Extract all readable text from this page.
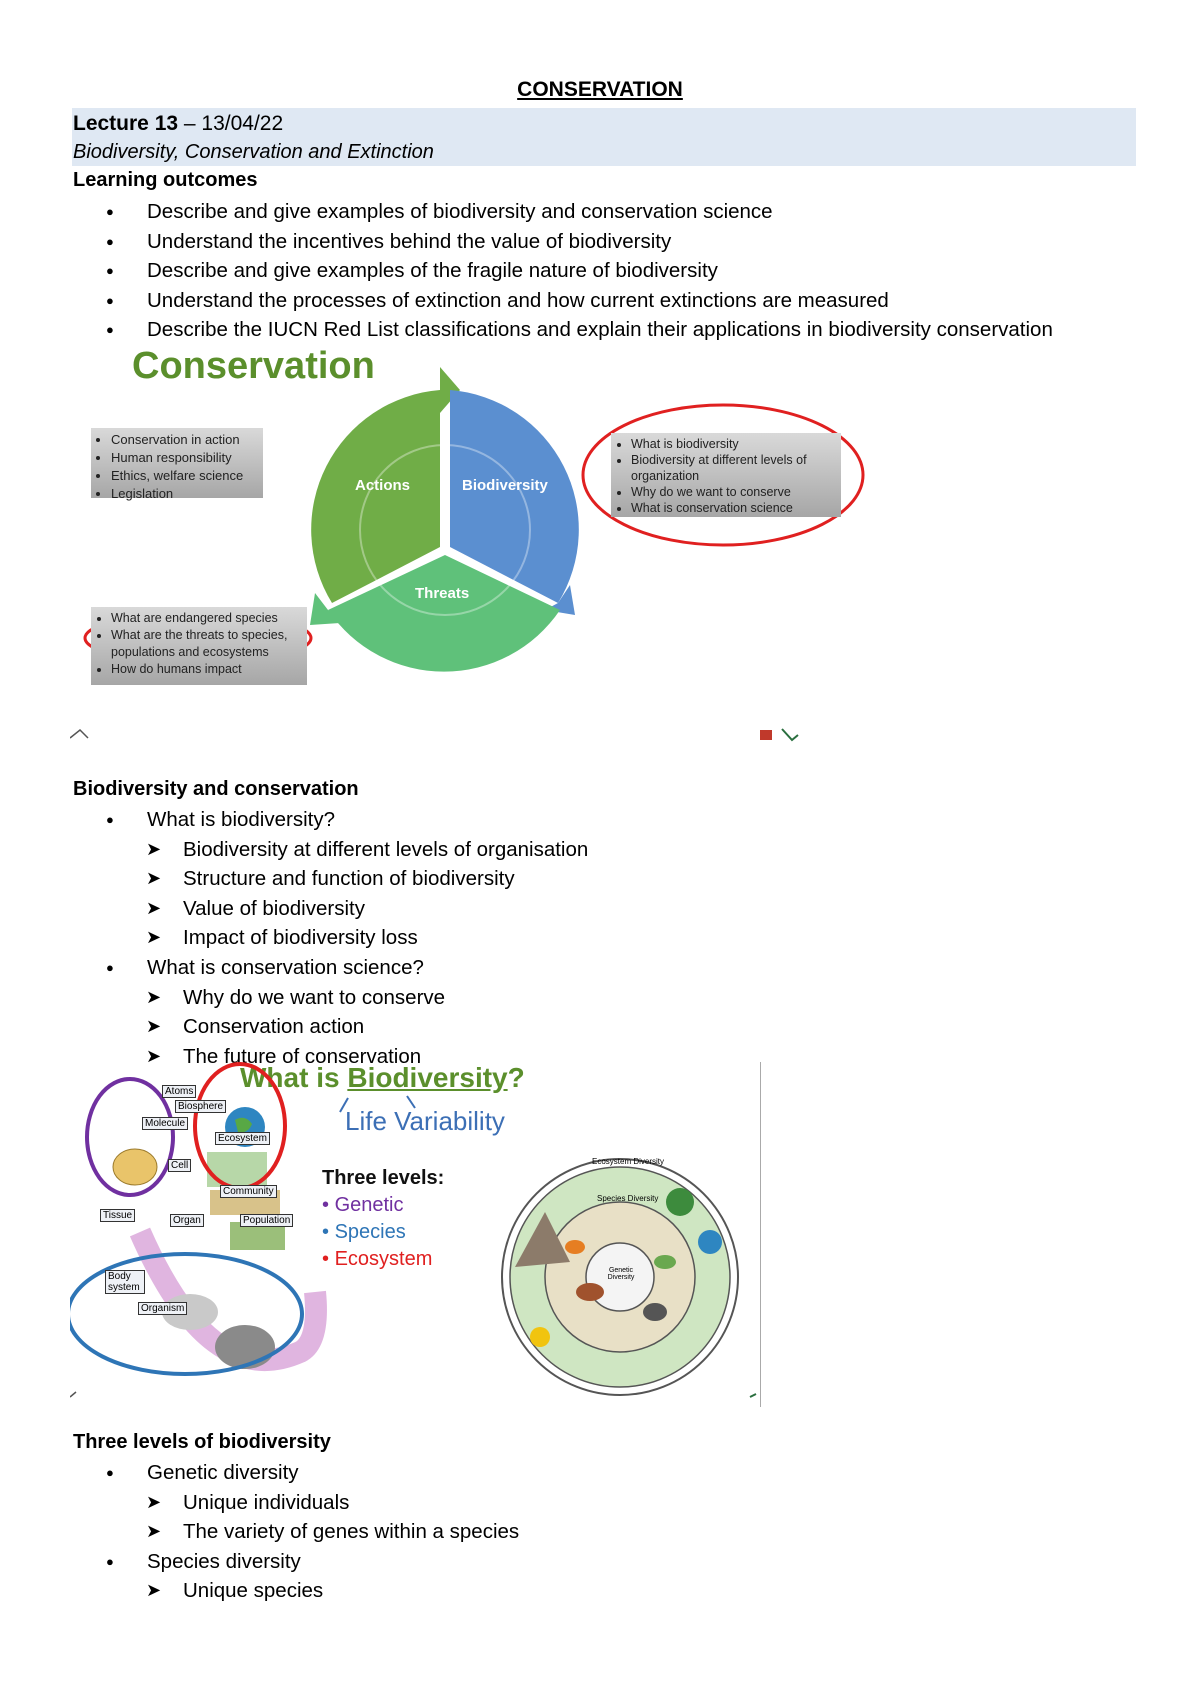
CONSERVATION
Lecture 13 – 13/04/22
Biodiversity, Conservation and Extinction
Learning outcomes
● Describe and give examples of biodiversity and conservation science
● Understand the incentives behind the value of biodiversity
● Describe and give examples of the fragile nature of biodiversity
● Understand the processes of extinction and how current extinctions are measured
● Describe the IUCN Red List classifications and explain their applications in biodiversity conservation
Conservation
Actions	Biodiversity
Threats
• Conservation in action
• Human responsibility
• Ethics, welfare science
• Legislation
• What is biodiversity
• Biodiversity at different levels of organization
• Why do we want to conserve
• What is conservation science
• What are endangered species
• What are the threats to species, populations and ecosystems
• How do humans impact
Biodiversity and conservation
● What is biodiversity?
➤ Biodiversity at different levels of organisation
➤ Structure and function of biodiversity
➤ Value of biodiversity
➤ Impact of biodiversity loss
● What is conservation science?
➤ Why do we want to conserve
➤ Conservation action
➤ The future of conservation
What is Biodiversity?
Life Variability
Atoms
Biosphere
Molecule
Ecosystem
Cell
Community
Tissue	Organ	Population
Body system
Organism
Ecosystem Diversity
Species Diversity
Genetic Diversity
Three levels:
• Genetic
• Species
• Ecosystem
Three levels of biodiversity
● Genetic diversity
➤ Unique individuals
➤ The variety of genes within a species
● Species diversity
➤ Unique species
